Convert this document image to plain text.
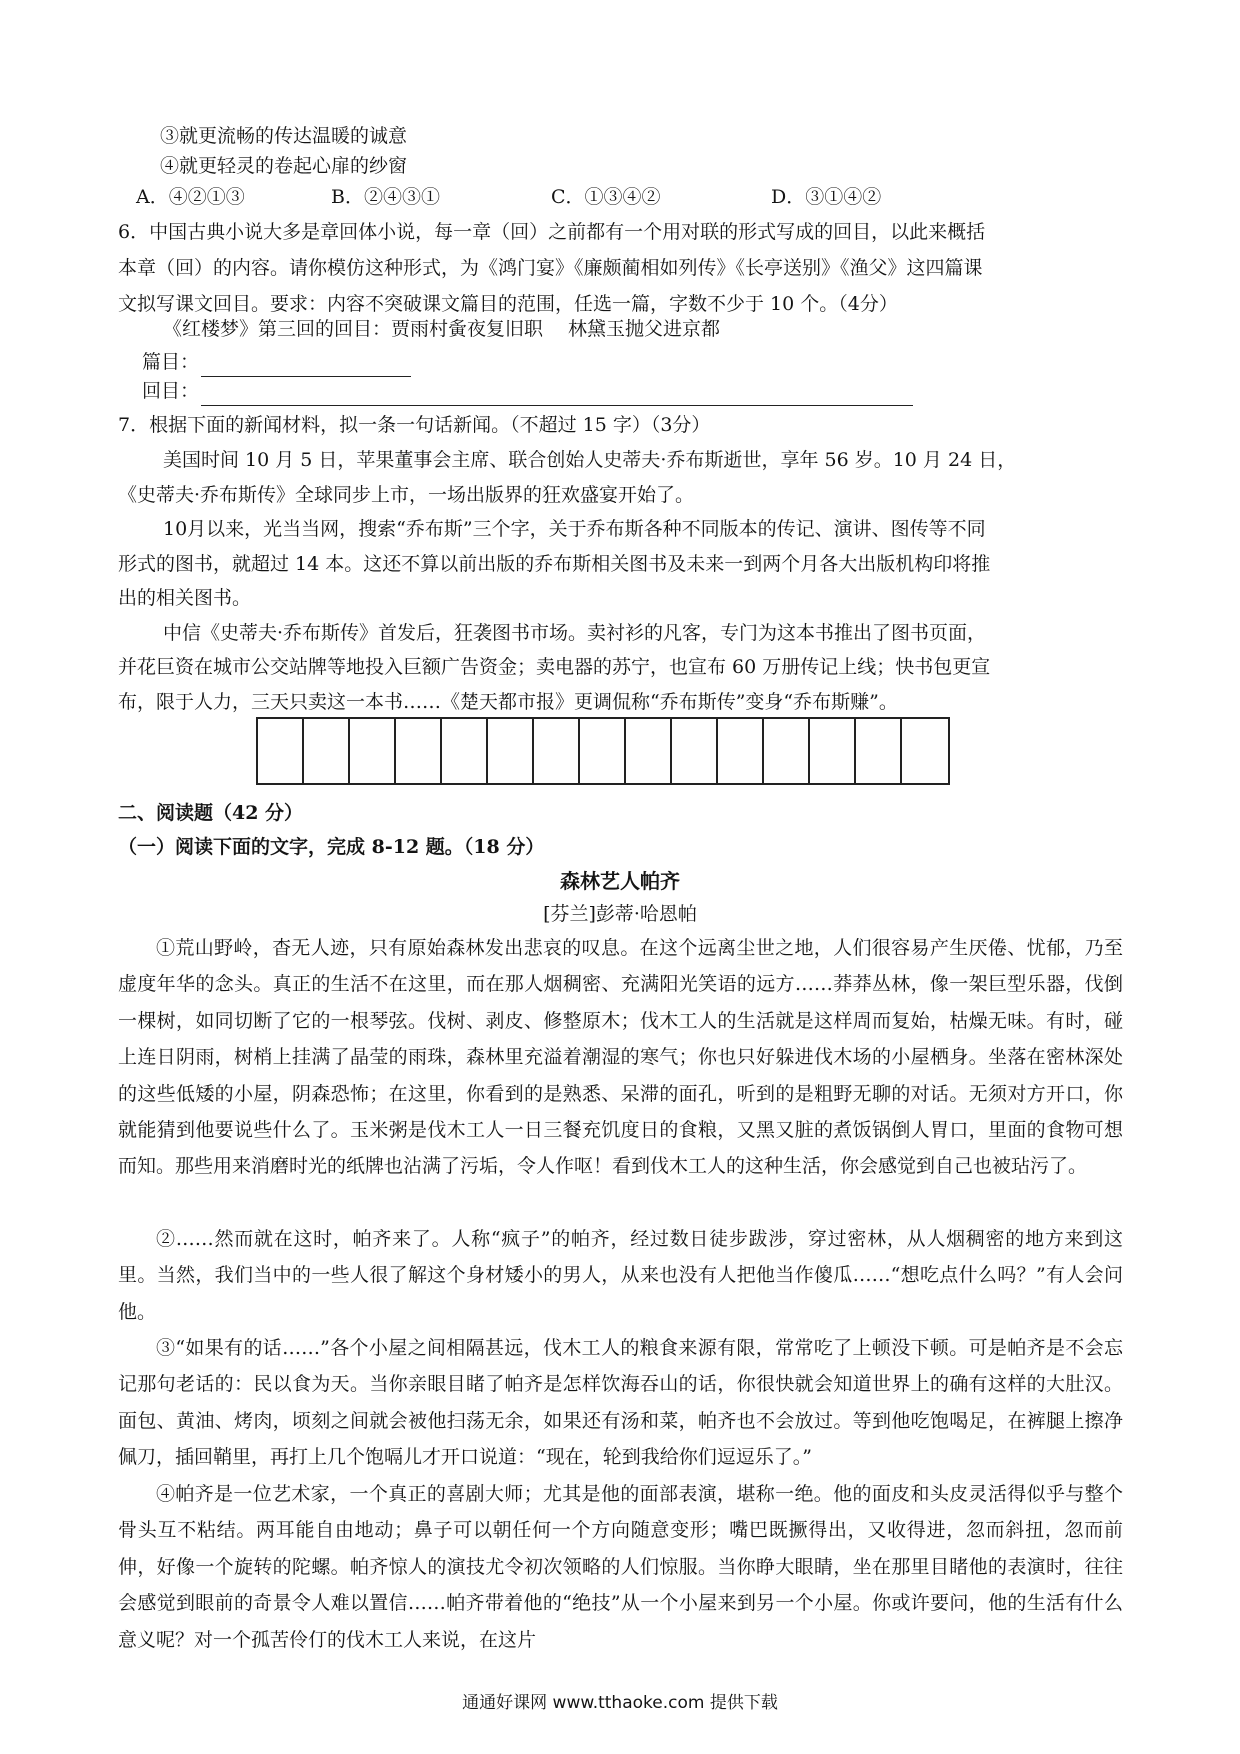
③就更流畅的传达温暖的诚意
④就更轻灵的卷起心扉的纱窗
A．④②①③	B．②④③①	C．①③④②	D．③①④②
6．中国古典小说大多是章回体小说，每一章（回）之前都有一个用对联的形式写成的回目，以此来概括
本章（回）的内容。请你模仿这种形式，为《鸿门宴》《廉颇蔺相如列传》《长亭送别》《渔父》这四篇课
文拟写课文回目。要求：内容不突破课文篇目的范围，任选一篇，字数不少于 10 个。（4分）
《红楼梦》第三回的回目：贾雨村夤夜复旧职　 林黛玉抛父进京都
篇目：
回目：
7．根据下面的新闻材料，拟一条一句话新闻。（不超过 15 字）（3分）
美国时间 10 月 5 日，苹果董事会主席、联合创始人史蒂夫·乔布斯逝世，享年 56 岁。10 月 24 日，
《史蒂夫·乔布斯传》全球同步上市，一场出版界的狂欢盛宴开始了。
10月以来，光当当网，搜索“乔布斯”三个字，关于乔布斯各种不同版本的传记、演讲、图传等不同
形式的图书，就超过 14 本。这还不算以前出版的乔布斯相关图书及未来一到两个月各大出版机构印将推
出的相关图书。
中信《史蒂夫·乔布斯传》首发后，狂袭图书市场。卖衬衫的凡客，专门为这本书推出了图书页面，
并花巨资在城市公交站牌等地投入巨额广告资金；卖电器的苏宁，也宣布 60 万册传记上线；快书包更宣
布，限于人力，三天只卖这一本书……《楚天都市报》更调侃称“乔布斯传”变身“乔布斯赚”。
二、阅读题（42 分）
（一）阅读下面的文字，完成 8-12 题。（18 分）
森林艺人帕齐
[芬兰]彭蒂·哈恩帕
①荒山野岭，杳无人迹，只有原始森林发出悲哀的叹息。在这个远离尘世之地，人们很容易产生厌倦、忧郁，乃至虚度年华的念头。真正的生活不在这里，而在那人烟稠密、充满阳光笑语的远方……莽莽丛林，像一架巨型乐器，伐倒一棵树，如同切断了它的一根琴弦。伐树、剥皮、修整原木；伐木工人的生活就是这样周而复始，枯燥无味。有时，碰上连日阴雨，树梢上挂满了晶莹的雨珠，森林里充溢着潮湿的寒气；你也只好躲进伐木场的小屋栖身。坐落在密林深处的这些低矮的小屋，阴森恐怖；在这里，你看到的是熟悉、呆滞的面孔，听到的是粗野无聊的对话。无须对方开口，你就能猜到他要说些什么了。玉米粥是伐木工人一日三餐充饥度日的食粮，又黑又脏的煮饭锅倒人胃口，里面的食物可想而知。那些用来消磨时光的纸牌也沾满了污垢，令人作呕！看到伐木工人的这种生活，你会感觉到自己也被玷污了。
②……然而就在这时，帕齐来了。人称“疯子”的帕齐，经过数日徒步跋涉，穿过密林，从人烟稠密的地方来到这里。当然，我们当中的一些人很了解这个身材矮小的男人，从来也没有人把他当作傻瓜……“想吃点什么吗？”有人会问他。
③“如果有的话……”各个小屋之间相隔甚远，伐木工人的粮食来源有限，常常吃了上顿没下顿。可是帕齐是不会忘记那句老话的：民以食为天。当你亲眼目睹了帕齐是怎样饮海吞山的话，你很快就会知道世界上的确有这样的大肚汉。面包、黄油、烤肉，顷刻之间就会被他扫荡无余，如果还有汤和菜，帕齐也不会放过。等到他吃饱喝足，在裤腿上擦净佩刀，插回鞘里，再打上几个饱嗝儿才开口说道：“现在，轮到我给你们逗逗乐了。”
④帕齐是一位艺术家，一个真正的喜剧大师；尤其是他的面部表演，堪称一绝。他的面皮和头皮灵活得似乎与整个骨头互不粘结。两耳能自由地动；鼻子可以朝任何一个方向随意变形；嘴巴既撅得出，又收得进，忽而斜扭，忽而前伸，好像一个旋转的陀螺。帕齐惊人的演技尤令初次领略的人们惊服。当你睁大眼睛，坐在那里目睹他的表演时，往往会感觉到眼前的奇景令人难以置信……帕齐带着他的“绝技”从一个小屋来到另一个小屋。你或许要问，他的生活有什么意义呢？对一个孤苦伶仃的伐木工人来说，在这片
通通好课网 www.tthaoke.com 提供下载
